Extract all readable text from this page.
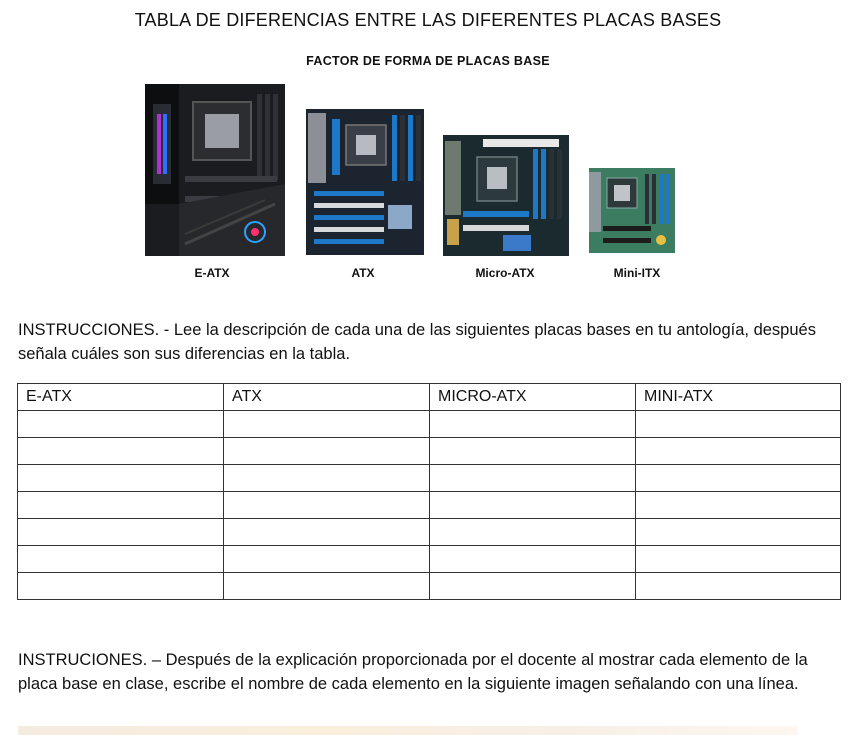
TABLA DE DIFERENCIAS ENTRE LAS DIFERENTES PLACAS BASES
FACTOR DE FORMA DE PLACAS BASE
E-ATX	ATX	Micro-ATX	Mini-ITX
INSTRUCCIONES. - Lee la descripción de cada una de las siguientes placas bases en tu antología, después señala cuáles son sus diferencias en la tabla.
E-ATX	ATX	MICRO-ATX	MINI-ATX

INSTRUCIONES. – Después de la explicación proporcionada por el docente al mostrar cada elemento de la placa base en clase, escribe el nombre de cada elemento en la siguiente imagen señalando con una línea.
